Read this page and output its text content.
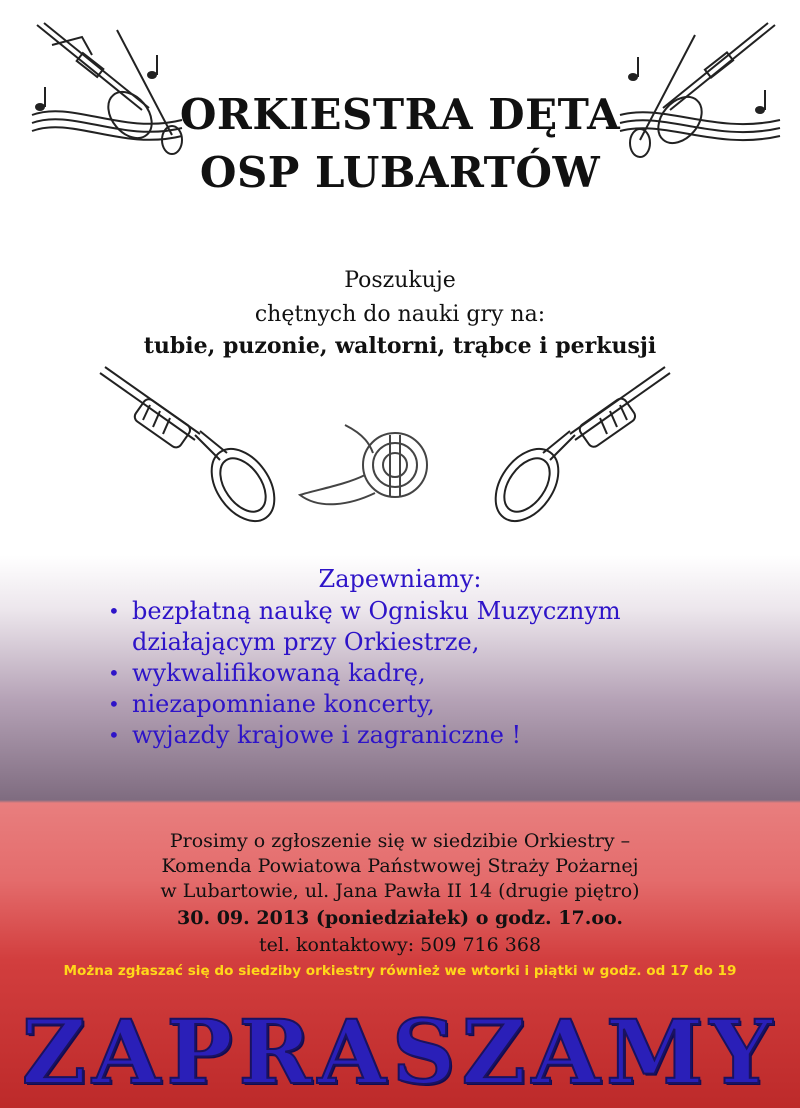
ORKIESTRA DĘTA
OSP LUBARTÓW
Poszukuje
chętnych do nauki gry na:
tubie, puzonie, waltorni, trąbce i perkusji
Zapewniamy:
• bezpłatną naukę w Ognisku Muzycznym
działającym przy Orkiestrze,
• wykwalifikowaną kadrę,
• niezapomniane koncerty,
• wyjazdy krajowe i zagraniczne !
Prosimy o zgłoszenie się w siedzibie Orkiestry –
Komenda Powiatowa Państwowej Straży Pożarnej
w Lubartowie, ul. Jana Pawła II 14 (drugie piętro)
30. 09. 2013 (poniedziałek) o godz. 17.oo.
tel. kontaktowy: 509 716 368
Można zgłaszać się do siedziby orkiestry również we wtorki i piątki w godz. od 17 do 19
ZAPRASZAMY
